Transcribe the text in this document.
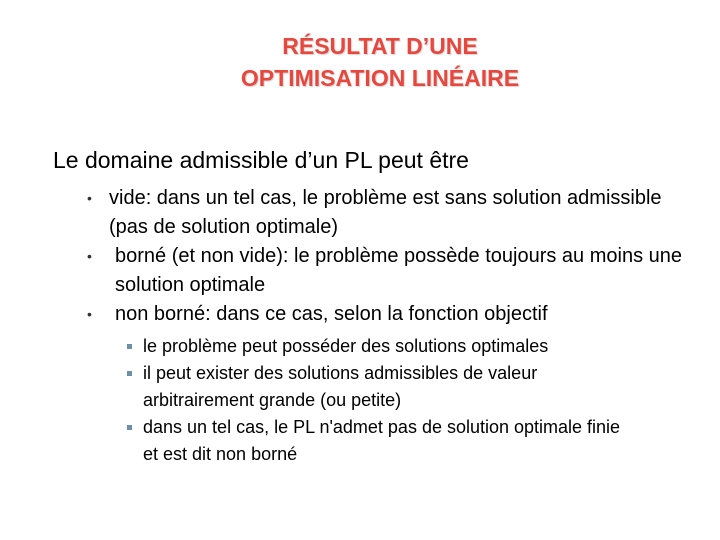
RÉSULTAT D’UNE
OPTIMISATION LINÉAIRE
Le domaine admissible d’un PL peut être
• vide: dans un tel cas, le problème est sans solution admissible (pas de solution optimale)
• borné (et non vide): le problème possède toujours au moins une solution optimale
• non borné: dans ce cas, selon la fonction objectif
le problème peut posséder des solutions optimales
il peut exister des solutions admissibles de valeur arbitrairement grande (ou petite)
dans un tel cas, le PL n'admet pas de solution optimale finie et est dit non borné
